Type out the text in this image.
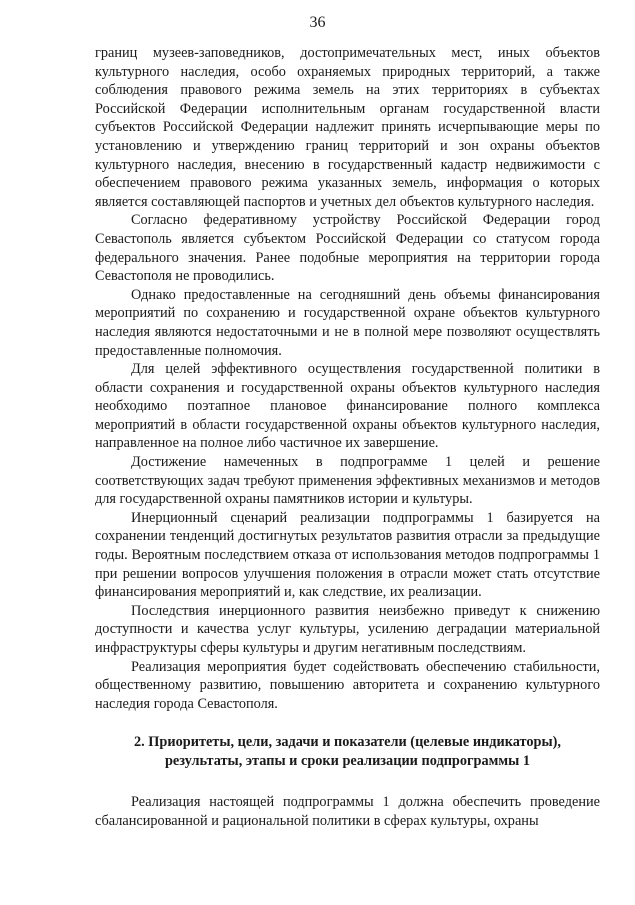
36

границ музеев-заповедников, достопримечательных мест, иных объектов культурного наследия, особо охраняемых природных территорий, а также соблюдения правового режима земель на этих территориях в субъектах Российской Федерации исполнительным органам государственной власти субъектов Российской Федерации надлежит принять исчерпывающие меры по установлению и утверждению границ территорий и зон охраны объектов культурного наследия, внесению в государственный кадастр недвижимости с обеспечением правового режима указанных земель, информация о которых является составляющей паспортов и учетных дел объектов культурного наследия.

Согласно федеративному устройству Российской Федерации город Севастополь является субъектом Российской Федерации со статусом города федерального значения. Ранее подобные мероприятия на территории города Севастополя не проводились.

Однако предоставленные на сегодняшний день объемы финансирования мероприятий по сохранению и государственной охране объектов культурного наследия являются недостаточными и не в полной мере позволяют осуществлять предоставленные полномочия.

Для целей эффективного осуществления государственной политики в области сохранения и государственной охраны объектов культурного наследия необходимо поэтапное плановое финансирование полного комплекса мероприятий в области государственной охраны объектов культурного наследия, направленное на полное либо частичное их завершение.

Достижение намеченных в подпрограмме 1 целей и решение соответствующих задач требуют применения эффективных механизмов и методов для государственной охраны памятников истории и культуры.

Инерционный сценарий реализации подпрограммы 1 базируется на сохранении тенденций достигнутых результатов развития отрасли за предыдущие годы. Вероятным последствием отказа от использования методов подпрограммы 1 при решении вопросов улучшения положения в отрасли может стать отсутствие финансирования мероприятий и, как следствие, их реализации.

Последствия инерционного развития неизбежно приведут к снижению доступности и качества услуг культуры, усилению деградации материальной инфраструктуры сферы культуры и другим негативным последствиям.

Реализация мероприятия будет содействовать обеспечению стабильности, общественному развитию, повышению авторитета и сохранению культурного наследия города Севастополя.

2. Приоритеты, цели, задачи и показатели (целевые индикаторы),
результаты, этапы и сроки реализации подпрограммы 1

Реализация настоящей подпрограммы 1 должна обеспечить проведение сбалансированной и рациональной политики в сферах культуры, охраны
